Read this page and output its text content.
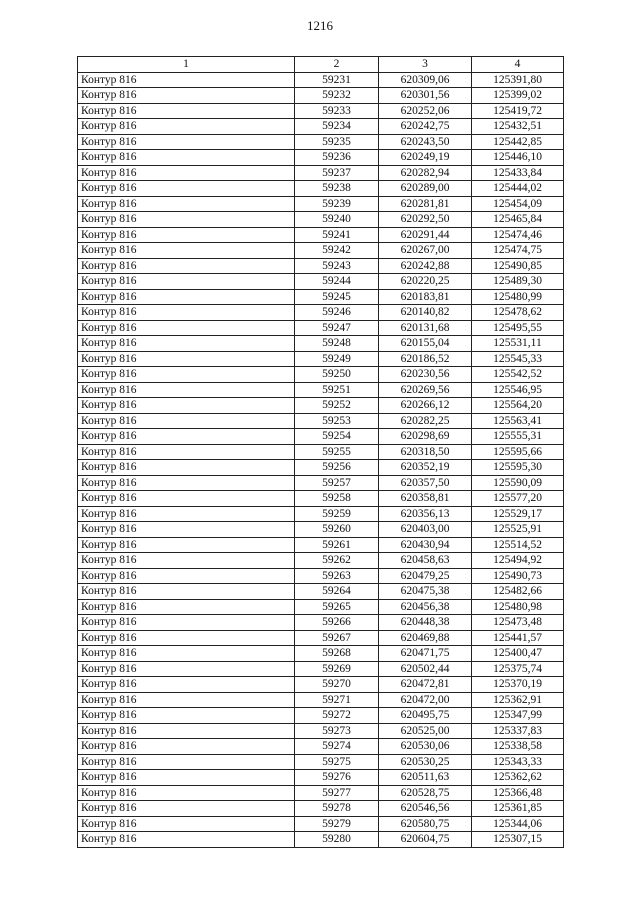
1216
1	2	3	4
Контур 816	59231	620309,06	125391,80
Контур 816	59232	620301,56	125399,02
Контур 816	59233	620252,06	125419,72
Контур 816	59234	620242,75	125432,51
Контур 816	59235	620243,50	125442,85
Контур 816	59236	620249,19	125446,10
Контур 816	59237	620282,94	125433,84
Контур 816	59238	620289,00	125444,02
Контур 816	59239	620281,81	125454,09
Контур 816	59240	620292,50	125465,84
Контур 816	59241	620291,44	125474,46
Контур 816	59242	620267,00	125474,75
Контур 816	59243	620242,88	125490,85
Контур 816	59244	620220,25	125489,30
Контур 816	59245	620183,81	125480,99
Контур 816	59246	620140,82	125478,62
Контур 816	59247	620131,68	125495,55
Контур 816	59248	620155,04	125531,11
Контур 816	59249	620186,52	125545,33
Контур 816	59250	620230,56	125542,52
Контур 816	59251	620269,56	125546,95
Контур 816	59252	620266,12	125564,20
Контур 816	59253	620282,25	125563,41
Контур 816	59254	620298,69	125555,31
Контур 816	59255	620318,50	125595,66
Контур 816	59256	620352,19	125595,30
Контур 816	59257	620357,50	125590,09
Контур 816	59258	620358,81	125577,20
Контур 816	59259	620356,13	125529,17
Контур 816	59260	620403,00	125525,91
Контур 816	59261	620430,94	125514,52
Контур 816	59262	620458,63	125494,92
Контур 816	59263	620479,25	125490,73
Контур 816	59264	620475,38	125482,66
Контур 816	59265	620456,38	125480,98
Контур 816	59266	620448,38	125473,48
Контур 816	59267	620469,88	125441,57
Контур 816	59268	620471,75	125400,47
Контур 816	59269	620502,44	125375,74
Контур 816	59270	620472,81	125370,19
Контур 816	59271	620472,00	125362,91
Контур 816	59272	620495,75	125347,99
Контур 816	59273	620525,00	125337,83
Контур 816	59274	620530,06	125338,58
Контур 816	59275	620530,25	125343,33
Контур 816	59276	620511,63	125362,62
Контур 816	59277	620528,75	125366,48
Контур 816	59278	620546,56	125361,85
Контур 816	59279	620580,75	125344,06
Контур 816	59280	620604,75	125307,15
